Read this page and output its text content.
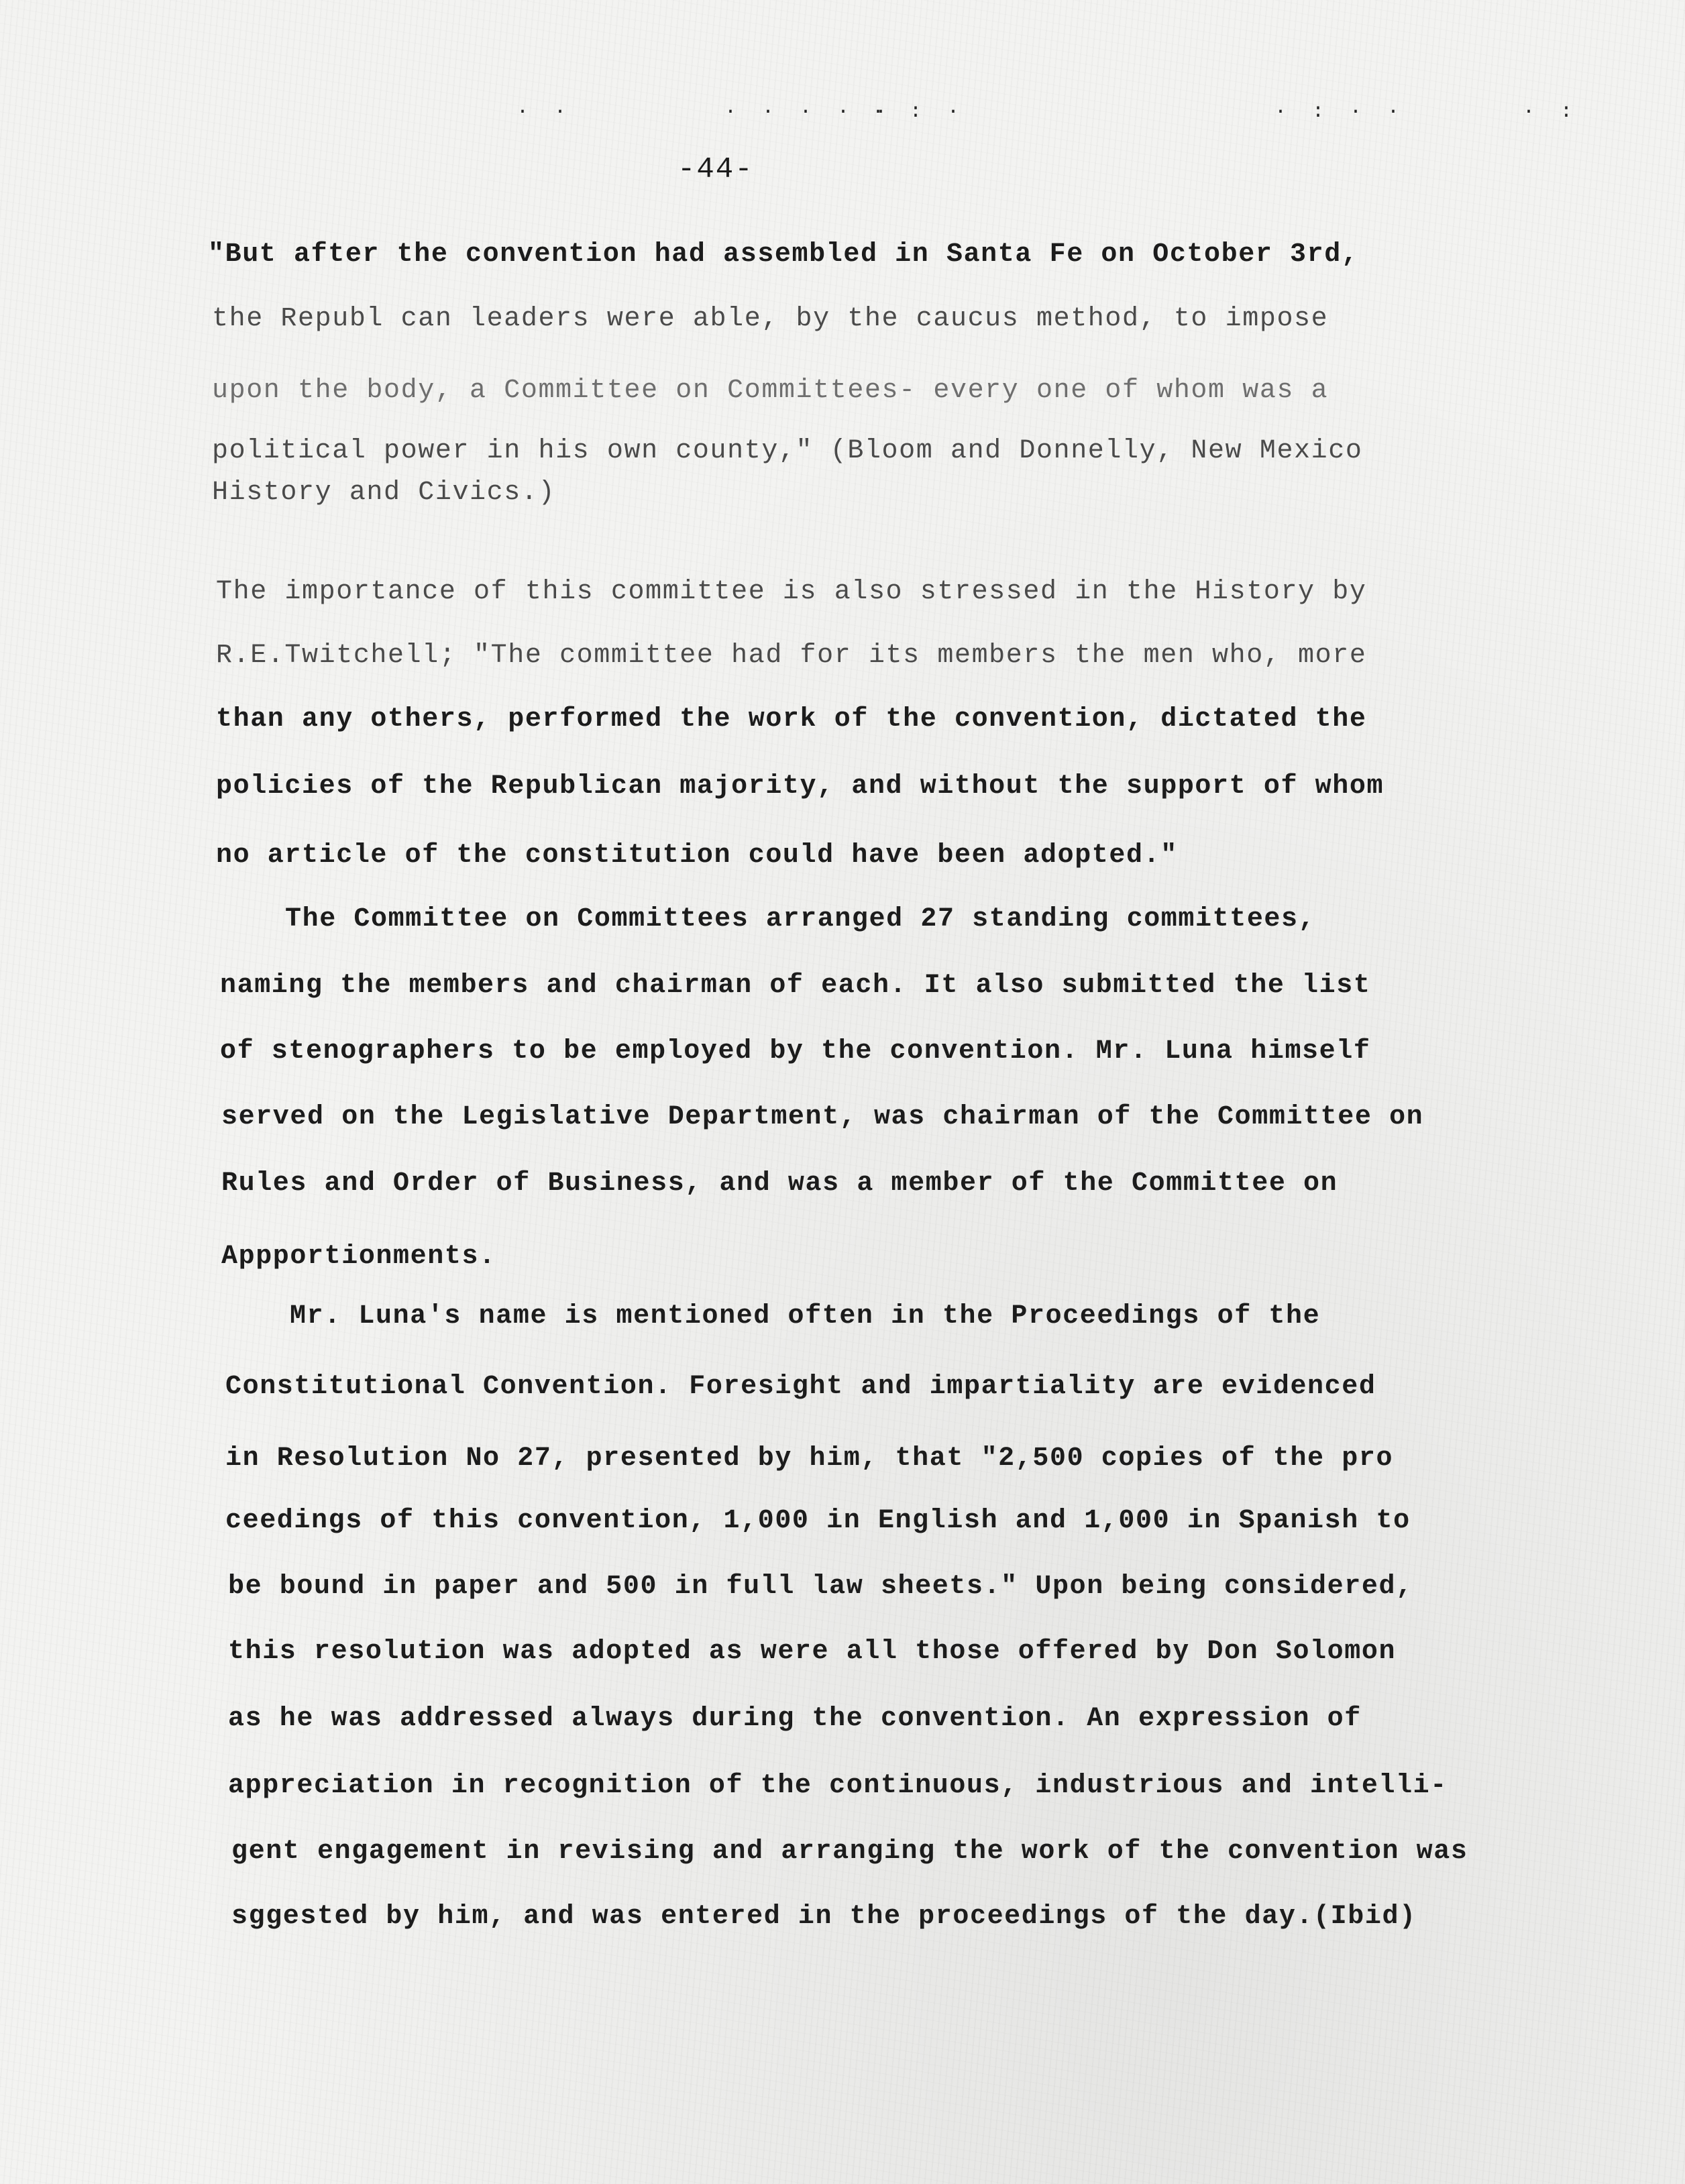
· ·	· · · · ·
· : ·	· : · ·	· :
-44-
"But after the convention had assembled in Santa Fe on October 3rd,
the Republ can leaders were able, by the caucus method, to impose
upon the body, a Committee on Committees- every one of whom was a
political power in his own county," (Bloom and Donnelly, New Mexico
History and Civics.)
The importance of this committee is also stressed in the History by
R.E.Twitchell; "The committee had for its members the men who, more
than any others, performed the work of the convention, dictated the
policies of the Republican majority, and without the support of whom
no article of the constitution could have been adopted."
The Committee on Committees arranged 27 standing committees,
naming the members and chairman of each. It also submitted the list
of stenographers to be employed by the convention. Mr. Luna himself
served on the Legislative Department, was chairman of the Committee on
Rules and Order of Business, and was a member of the Committee on
Appportionments.
Mr. Luna's name is mentioned often in the Proceedings of the
Constitutional Convention. Foresight and impartiality are evidenced
in Resolution No 27, presented by him, that "2,500 copies of the pro
ceedings of this convention, 1,000 in English and 1,000 in Spanish to
be bound in paper and 500 in full law sheets." Upon being considered,
this resolution was adopted as were all those offered by Don Solomon
as he was addressed always during the convention. An expression of
appreciation in recognition of the continuous, industrious and intelli-
gent engagement in revising and arranging the work of the convention was
sggested by him, and was entered in the proceedings of the day.(Ibid)
